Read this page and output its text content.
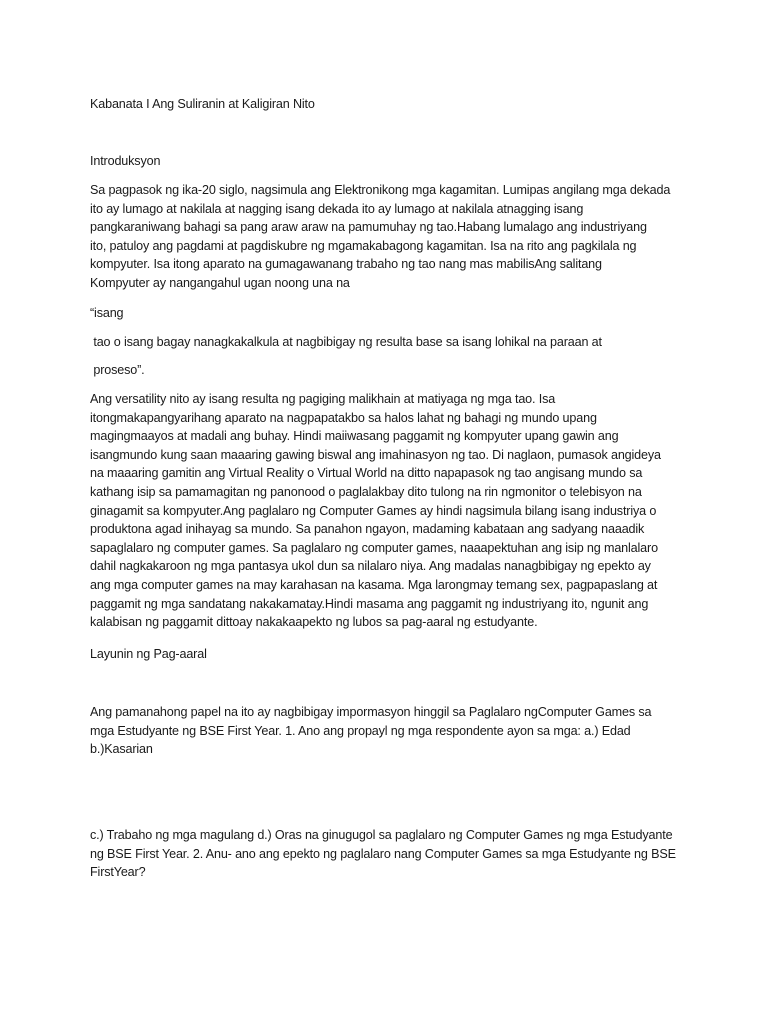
Kabanata I Ang Suliranin at Kaligiran Nito

Introduksyon

Sa pagpasok ng ika-20 siglo, nagsimula ang Elektronikong mga kagamitan. Lumipas angilang mga dekada
ito ay lumago at nakilala at nagging isang dekada ito ay lumago at nakilala atnagging isang
pangkaraniwang bahagi sa pang araw araw na pamumuhay ng tao.Habang lumalago ang industriyang
ito, patuloy ang pagdami at pagdiskubre ng mgamakabagong kagamitan. Isa na rito ang pagkilala ng
kompyuter. Isa itong aparato na gumagawanang trabaho ng tao nang mas mabilisAng salitang
Kompyuter ay nangangahul ugan noong una na

“isang

tao o isang bagay nanagkakalkula at nagbibigay ng resulta base sa isang lohikal na paraan at

proseso”.

Ang versatility nito ay isang resulta ng pagiging malikhain at matiyaga ng mga tao. Isa
itongmakapangyarihang aparato na nagpapatakbo sa halos lahat ng bahagi ng mundo upang
magingmaayos at madali ang buhay. Hindi maiiwasang paggamit ng kompyuter upang gawin ang
isangmundo kung saan maaaring gawing biswal ang imahinasyon ng tao. Di naglaon, pumasok angideya
na maaaring gamitin ang Virtual Reality o Virtual World na ditto napapasok ng tao angisang mundo sa
kathang isip sa pamamagitan ng panonood o paglalakbay dito tulong na rin ngmonitor o telebisyon na
ginagamit sa kompyuter.Ang paglalaro ng Computer Games ay hindi nagsimula bilang isang industriya o
produktona agad inihayag sa mundo. Sa panahon ngayon, madaming kabataan ang sadyang naaadik
sapaglalaro ng computer games. Sa paglalaro ng computer games, naaapektuhan ang isip ng manlalaro
dahil nagkakaroon ng mga pantasya ukol dun sa nilalaro niya. Ang madalas nanagbibigay ng epekto ay
ang mga computer games na may karahasan na kasama. Mga larongmay temang sex, pagpapaslang at
paggamit ng mga sandatang nakakamatay.Hindi masama ang paggamit ng industriyang ito, ngunit ang
kalabisan ng paggamit dittoay nakakaapekto ng lubos sa pag-aaral ng estudyante.

Layunin ng Pag-aaral

Ang pamanahong papel na ito ay nagbibigay impormasyon hinggil sa Paglalaro ngComputer Games sa
mga Estudyante ng BSE First Year. 1. Ano ang propayl ng mga respondente ayon sa mga: a.) Edad
b.)Kasarian

c.) Trabaho ng mga magulang d.) Oras na ginugugol sa paglalaro ng Computer Games ng mga Estudyante
ng BSE First Year. 2. Anu- ano ang epekto ng paglalaro nang Computer Games sa mga Estudyante ng BSE
FirstYear?
